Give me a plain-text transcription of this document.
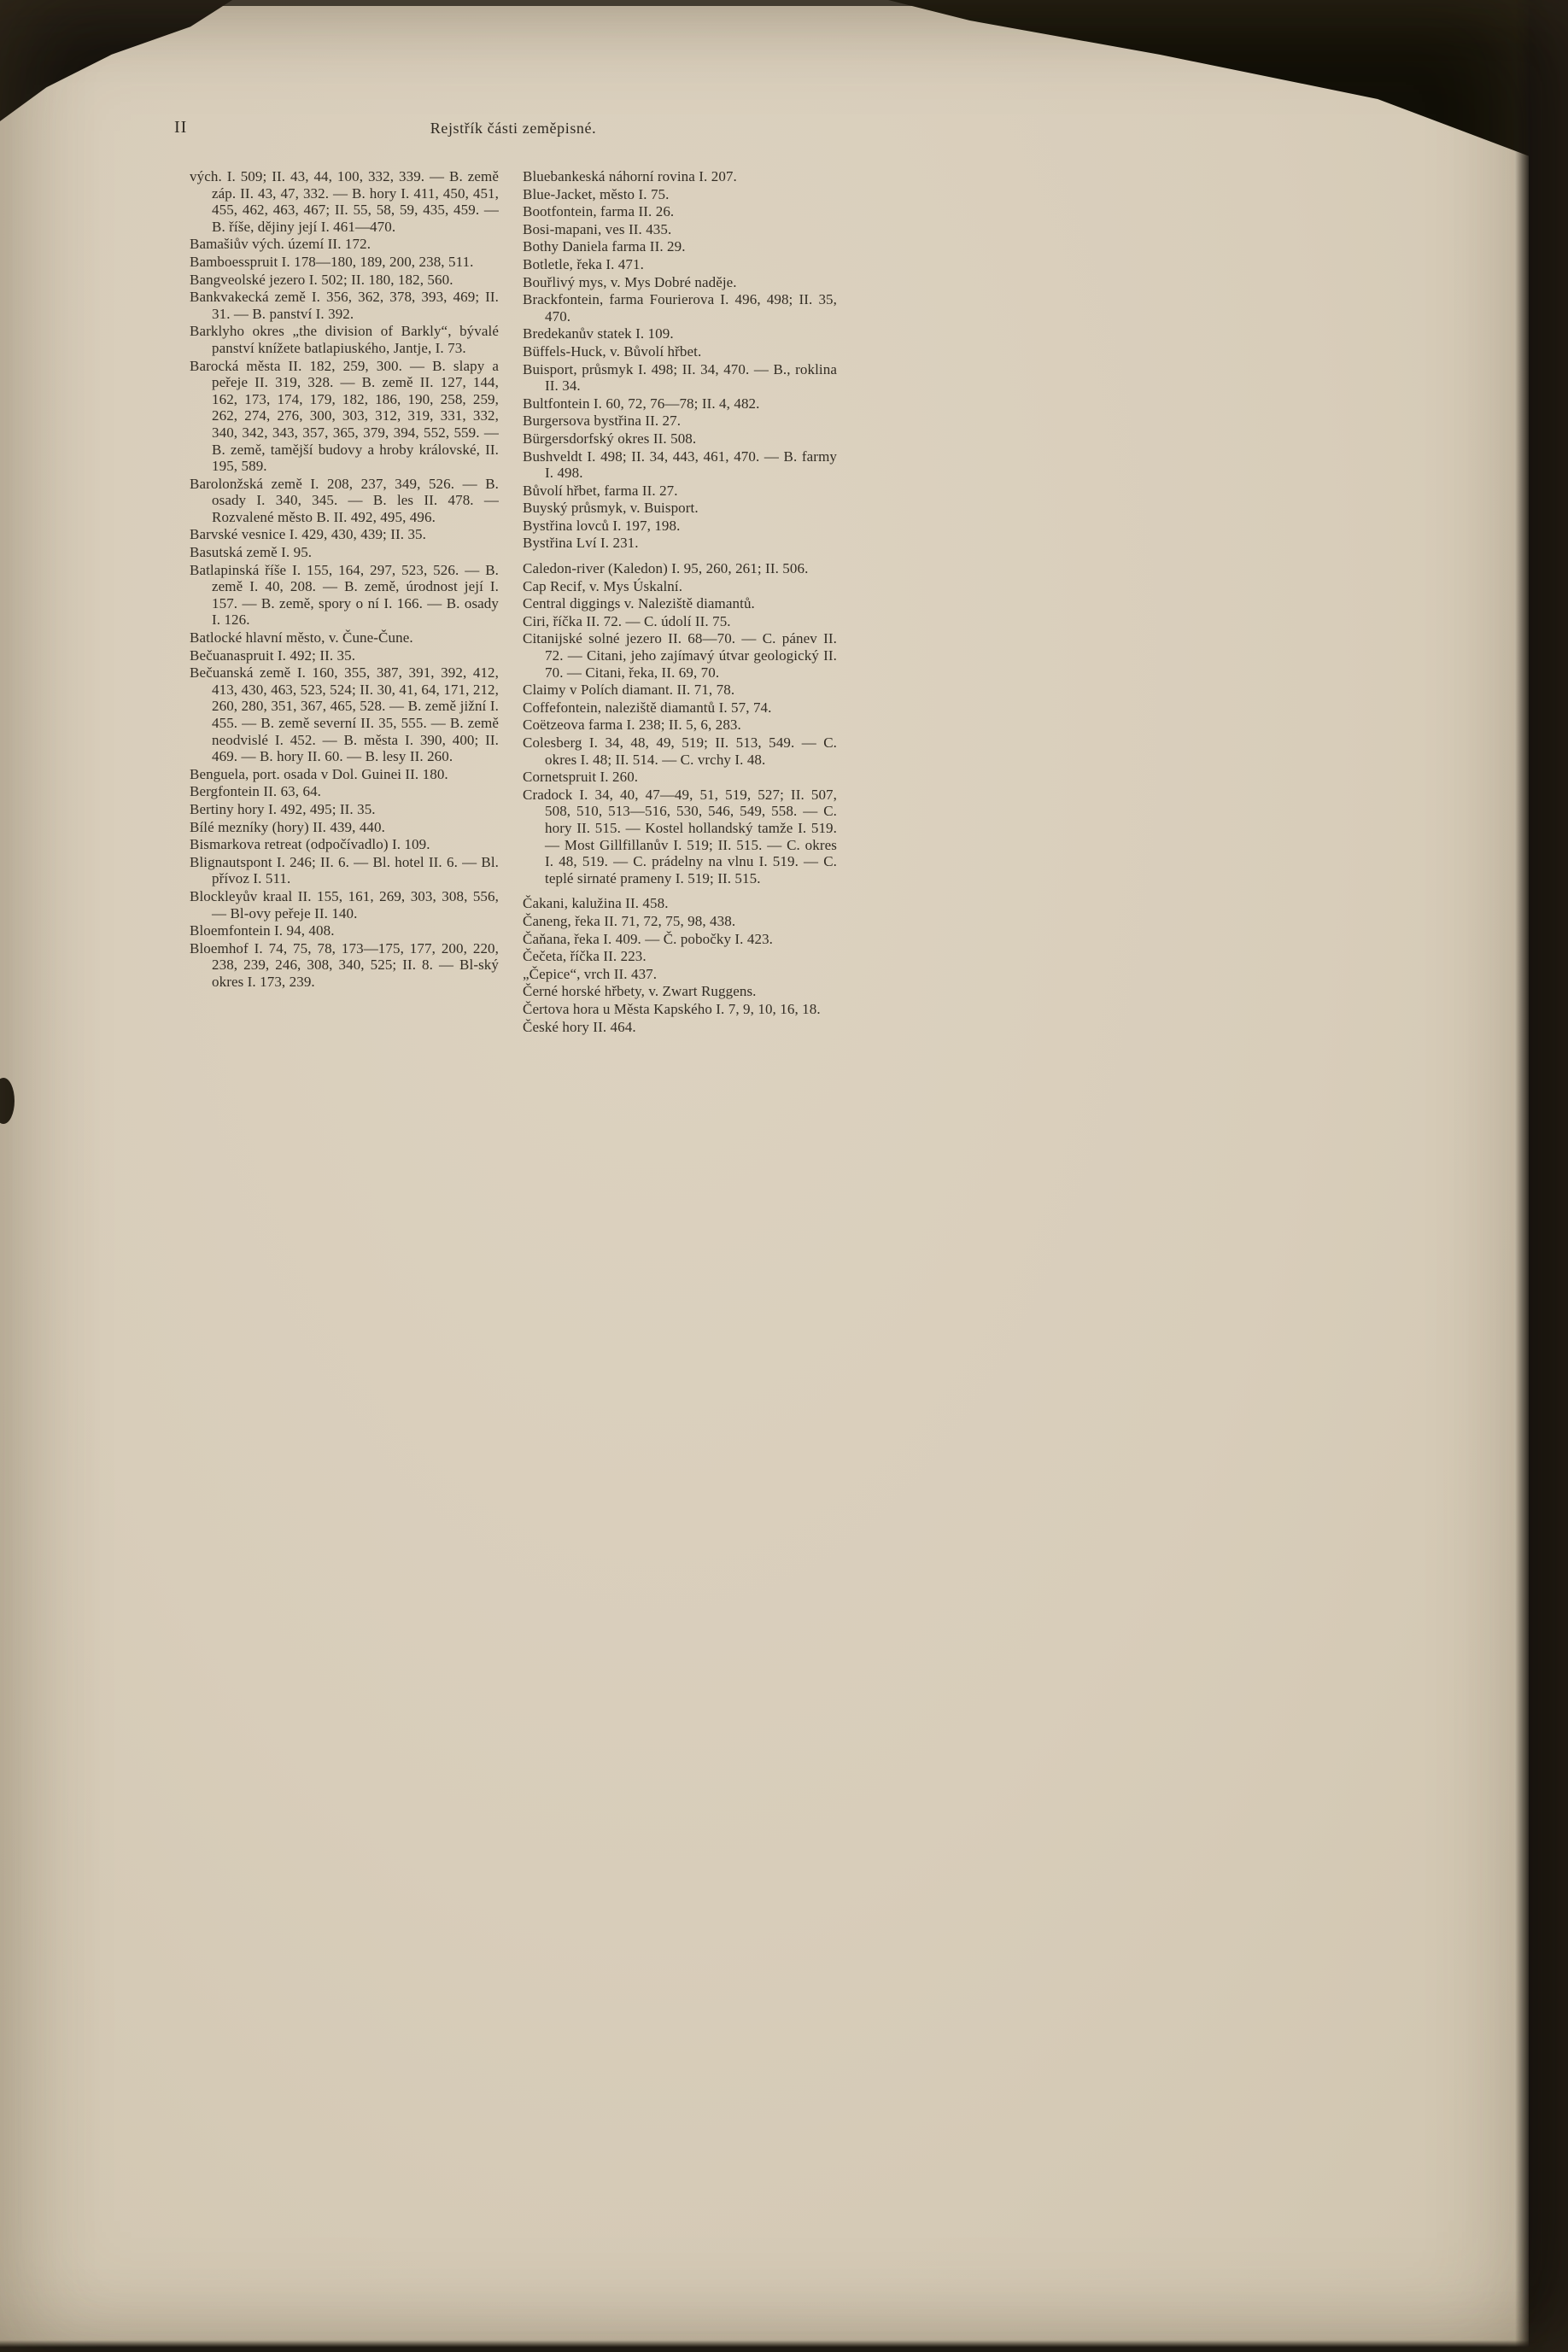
II	Rejstřík části zeměpisné.

vých. I. 509; II. 43, 44, 100, 332, 339. — B. země záp. II. 43, 47, 332. — B. hory I. 411, 450, 451, 455, 462, 463, 467; II. 55, 58, 59, 435, 459. — B. říše, dějiny její I. 461—470.

Bamašiův vých. území II. 172.

Bamboesspruit I. 178—180, 189, 200, 238, 511.

Bangveolské jezero I. 502; II. 180, 182, 560.

Bankvakecká země I. 356, 362, 378, 393, 469; II. 31. — B. panství I. 392.

Barklyho okres „the division of Barkly“, bývalé panství knížete batlapiuského, Jantje, I. 73.

Barocká města II. 182, 259, 300. — B. slapy a peřeje II. 319, 328. — B. země II. 127, 144, 162, 173, 174, 179, 182, 186, 190, 258, 259, 262, 274, 276, 300, 303, 312, 319, 331, 332, 340, 342, 343, 357, 365, 379, 394, 552, 559. — B. země, tamější budovy a hroby královské, II. 195, 589.

Barolonžská země I. 208, 237, 349, 526. — B. osady I. 340, 345. — B. les II. 478. — Rozvalené město B. II. 492, 495, 496.

Barvské vesnice I. 429, 430, 439; II. 35.

Basutská země I. 95.

Batlapinská říše I. 155, 164, 297, 523, 526. — B. země I. 40, 208. — B. země, úrodnost její I. 157. — B. země, spory o ní I. 166. — B. osady I. 126.

Batlocké hlavní město, v. Čune-Čune.

Bečuanaspruit I. 492; II. 35.

Bečuanská země I. 160, 355, 387, 391, 392, 412, 413, 430, 463, 523, 524; II. 30, 41, 64, 171, 212, 260, 280, 351, 367, 465, 528. — B. země jižní I. 455. — B. země severní II. 35, 555. — B. země neodvislé I. 452. — B. města I. 390, 400; II. 469. — B. hory II. 60. — B. lesy II. 260.

Benguela, port. osada v Dol. Guinei II. 180.

Bergfontein II. 63, 64.

Bertiny hory I. 492, 495; II. 35.

Bílé mezníky (hory) II. 439, 440.

Bismarkova retreat (odpočívadlo) I. 109.

Blignautspont I. 246; II. 6. — Bl. hotel II. 6. — Bl. přívoz I. 511.

Blockleyův kraal II. 155, 161, 269, 303, 308, 556, — Bl-ovy peřeje II. 140.

Bloemfontein I. 94, 408.

Bloemhof I. 74, 75, 78, 173—175, 177, 200, 220, 238, 239, 246, 308, 340, 525; II. 8. — Bl-ský okres I. 173, 239.

Bluebankeská náhorní rovina I. 207.

Blue-Jacket, město I. 75.

Bootfontein, farma II. 26.

Bosi-mapani, ves II. 435.

Bothy Daniela farma II. 29.

Botletle, řeka I. 471.

Bouřlivý mys, v. Mys Dobré naděje.

Brackfontein, farma Fourierova I. 496, 498; II. 35, 470.

Bredekanův statek I. 109.

Büffels-Huck, v. Bůvolí hřbet.

Buisport, průsmyk I. 498; II. 34, 470. — B., roklina II. 34.

Bultfontein I. 60, 72, 76—78; II. 4, 482.

Burgersova bystřina II. 27.

Bürgersdorfský okres II. 508.

Bushveldt I. 498; II. 34, 443, 461, 470. — B. farmy I. 498.

Bůvolí hřbet, farma II. 27.

Buyský průsmyk, v. Buisport.

Bystřina lovců I. 197, 198.

Bystřina Lví I. 231.

Caledon-river (Kaledon) I. 95, 260, 261; II. 506.

Cap Recif, v. Mys Úskalní.

Central diggings v. Naleziště diamantů.

Ciri, říčka II. 72. — C. údolí II. 75.

Citanijské solné jezero II. 68—70. — C. pánev II. 72. — Citani, jeho zajímavý útvar geologický II. 70. — Citani, řeka, II. 69, 70.

Claimy v Polích diamant. II. 71, 78.

Coffefontein, naleziště diamantů I. 57, 74.

Coëtzeova farma I. 238; II. 5, 6, 283.

Colesberg I. 34, 48, 49, 519; II. 513, 549. — C. okres I. 48; II. 514. — C. vrchy I. 48.

Cornetspruit I. 260.

Cradock I. 34, 40, 47—49, 51, 519, 527; II. 507, 508, 510, 513—516, 530, 546, 549, 558. — C. hory II. 515. — Kostel hollandský tamže I. 519. — Most Gillfillanův I. 519; II. 515. — C. okres I. 48, 519. — C. prádelny na vlnu I. 519. — C. teplé sirnaté prameny I. 519; II. 515.

Čakani, kalužina II. 458.

Čaneng, řeka II. 71, 72, 75, 98, 438.

Čaňana, řeka I. 409. — Č. pobočky I. 423.

Čečeta, říčka II. 223.

„Čepice“, vrch II. 437.

Černé horské hřbety, v. Zwart Ruggens.

Čertova hora u Města Kapského I. 7, 9, 10, 16, 18.

České hory II. 464.
